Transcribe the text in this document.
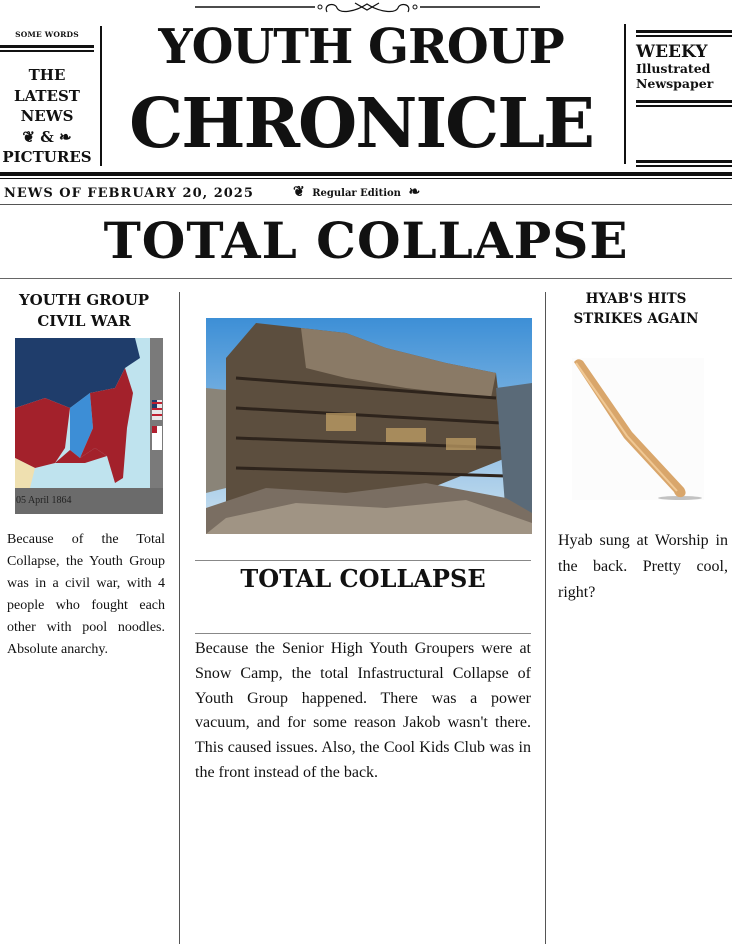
SOME WORDS
THE
LATEST
NEWS
❦ & ❧
PICTURES
YOUTH GROUP
CHRONICLE
WEEKY
Illustrated
Newspaper
NEWS OF FEBRUARY 20, 2025	❦ Regular Edition ❧
TOTAL COLLAPSE
YOUTH GROUP
CIVIL WAR
05 April 1864
Because of the Total Collapse, the Youth Group was in a civil war, with 4 people who fought each other with pool noodles. Absolute anarchy.
TOTAL COLLAPSE
Because the Senior High Youth Groupers were at Snow Camp, the total Infastructural Collapse of Youth Group happened. There was a power vacuum, and for some reason Jakob wasn't there. This caused issues. Also, the Cool Kids Club was in the front instead of the back.
HYAB'S HITS
STRIKES AGAIN
Hyab sung at Worship in the back. Pretty cool, right?
